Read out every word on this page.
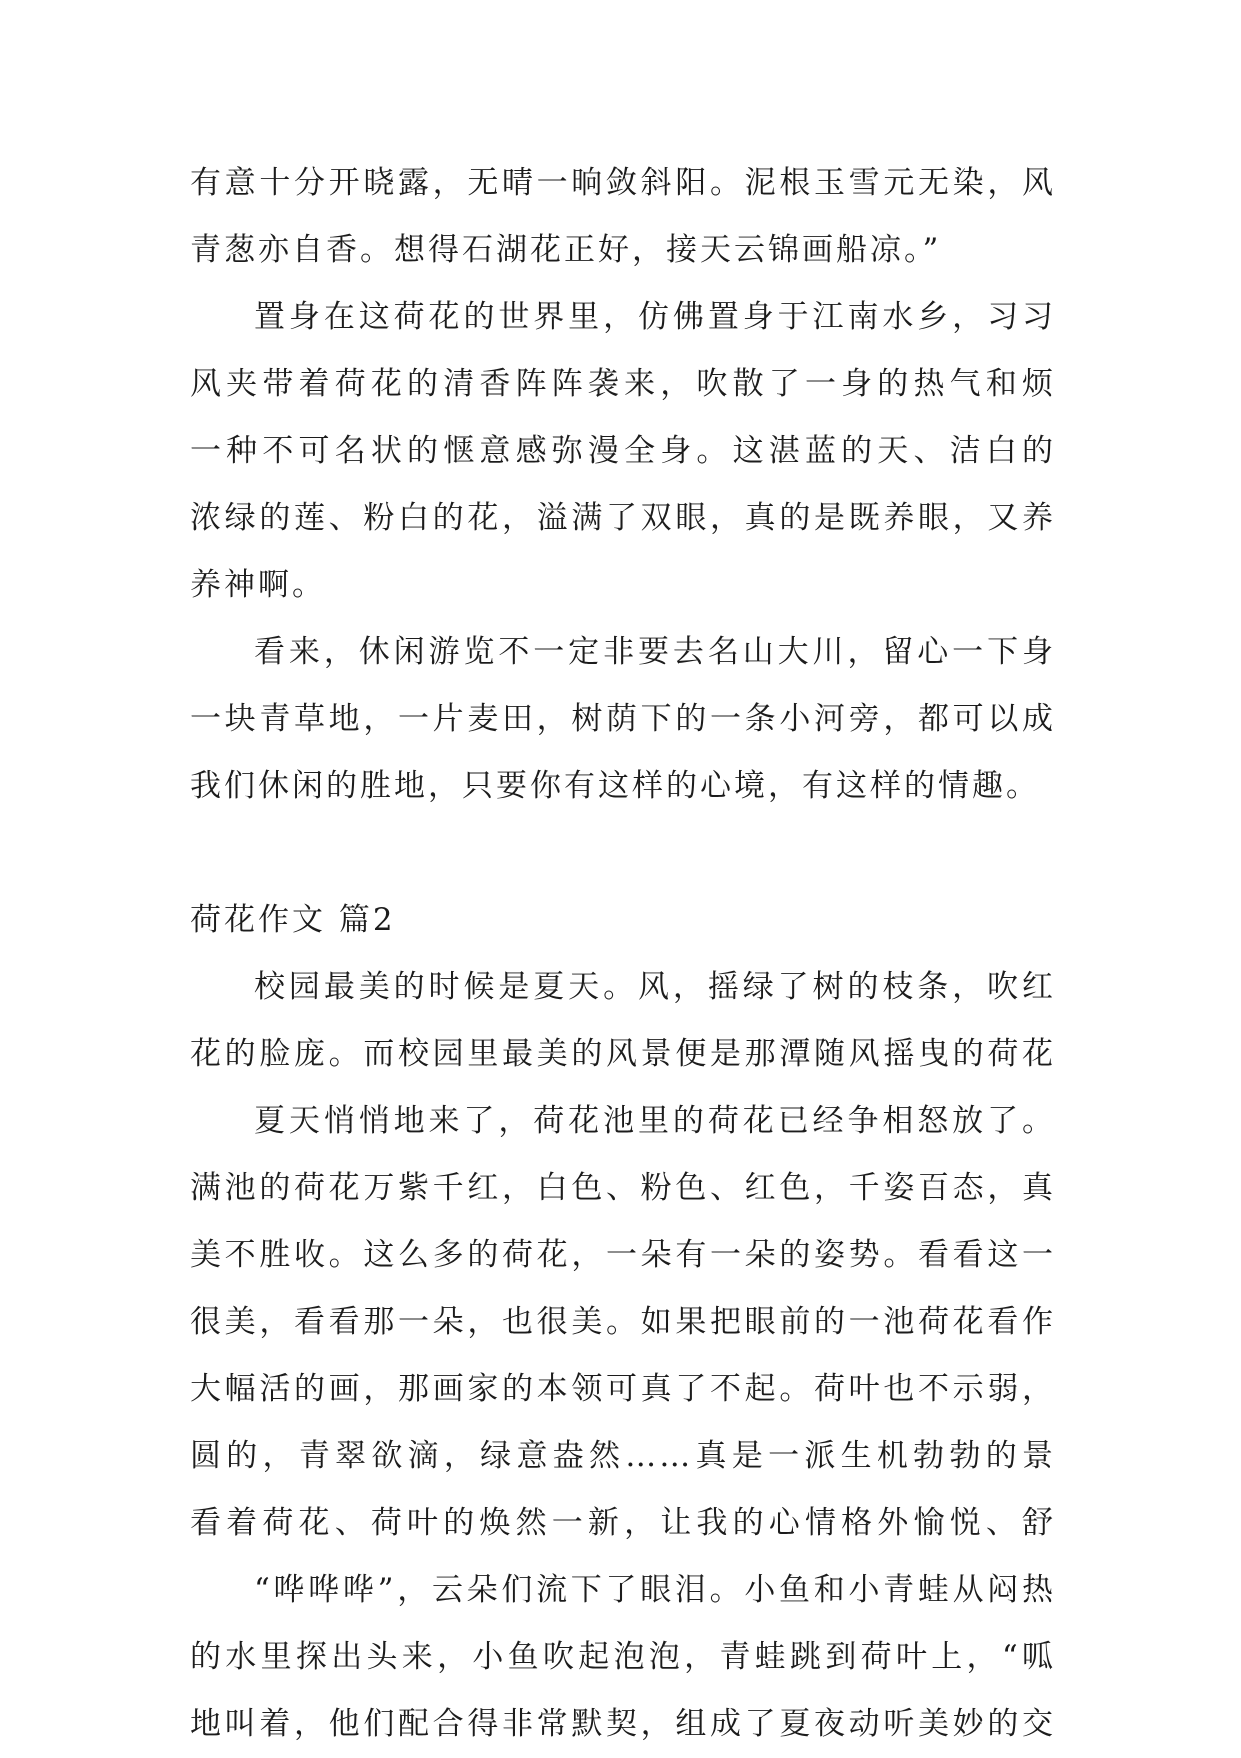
有意十分开晓露，无晴一晌敛斜阳。泥根玉雪元无染，风
青葱亦自香。想得石湖花正好，接天云锦画船凉。”
置身在这荷花的世界里，仿佛置身于江南水乡，习习
风夹带着荷花的清香阵阵袭来，吹散了一身的热气和烦
一种不可名状的惬意感弥漫全身。这湛蓝的天、洁白的
浓绿的莲、粉白的花，溢满了双眼，真的是既养眼，又养
养神啊。
看来，休闲游览不一定非要去名山大川，留心一下身
一块青草地，一片麦田，树荫下的一条小河旁，都可以成
我们休闲的胜地，只要你有这样的心境，有这样的情趣。
荷花作文 篇2
校园最美的时候是夏天。风，摇绿了树的枝条，吹红
花的脸庞。而校园里最美的风景便是那潭随风摇曳的荷花
夏天悄悄地来了，荷花池里的荷花已经争相怒放了。
满池的荷花万紫千红，白色、粉色、红色，千姿百态，真
美不胜收。这么多的荷花，一朵有一朵的姿势。看看这一
很美，看看那一朵，也很美。如果把眼前的一池荷花看作
大幅活的画，那画家的本领可真了不起。荷叶也不示弱，
圆的，青翠欲滴，绿意盎然……真是一派生机勃勃的景
看着荷花、荷叶的焕然一新，让我的心情格外愉悦、舒
“哗哗哗”，云朵们流下了眼泪。小鱼和小青蛙从闷热
的水里探出头来，小鱼吹起泡泡，青蛙跳到荷叶上，“呱
地叫着，他们配合得非常默契，组成了夏夜动听美妙的交
